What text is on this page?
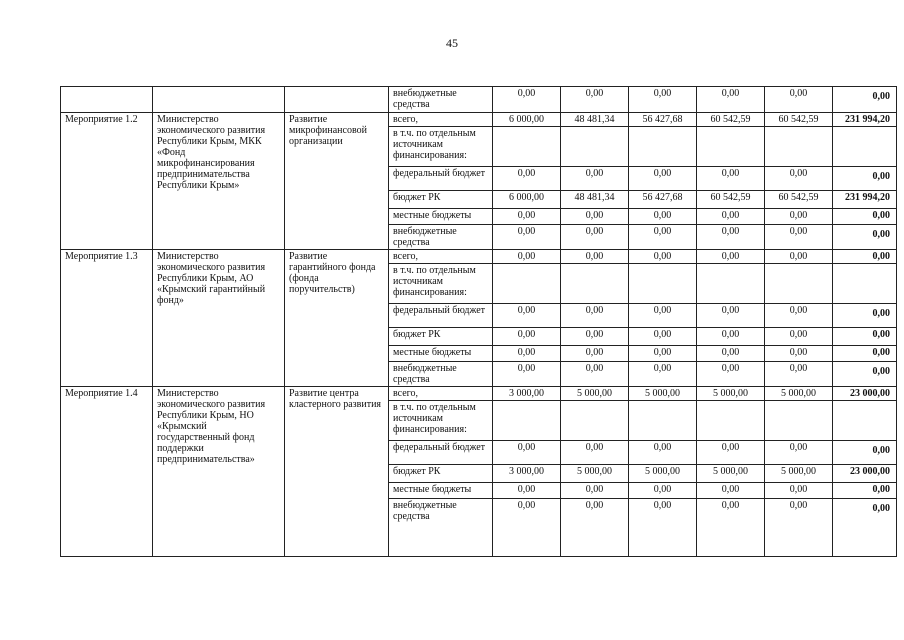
45
			внебюджетные средства	0,00	0,00	0,00	0,00	0,00	0,00
Мероприятие 1.2	Министерство экономического развития Республики Крым, МКК «Фонд микрофинансирования предпринимательства Республики Крым»	Развитие микрофинансовой организации	всего,	6 000,00	48 481,34	56 427,68	60 542,59	60 542,59	231 994,20
			в т.ч. по отдельным источникам финансирования:						
			федеральный бюджет	0,00	0,00	0,00	0,00	0,00	0,00
			бюджет РК	6 000,00	48 481,34	56 427,68	60 542,59	60 542,59	231 994,20
			местные бюджеты	0,00	0,00	0,00	0,00	0,00	0,00
			внебюджетные средства	0,00	0,00	0,00	0,00	0,00	0,00
Мероприятие 1.3	Министерство экономического развития Республики Крым, АО «Крымский гарантийный фонд»	Развитие гарантийного фонда (фонда поручительств)	всего,	0,00	0,00	0,00	0,00	0,00	0,00
			в т.ч. по отдельным источникам финансирования:						
			федеральный бюджет	0,00	0,00	0,00	0,00	0,00	0,00
			бюджет РК	0,00	0,00	0,00	0,00	0,00	0,00
			местные бюджеты	0,00	0,00	0,00	0,00	0,00	0,00
			внебюджетные средства	0,00	0,00	0,00	0,00	0,00	0,00
Мероприятие 1.4	Министерство экономического развития Республики Крым, НО «Крымский государственный фонд поддержки предпринимательства»	Развитие центра кластерного развития	всего,	3 000,00	5 000,00	5 000,00	5 000,00	5 000,00	23 000,00
			в т.ч. по отдельным источникам финансирования:						
			федеральный бюджет	0,00	0,00	0,00	0,00	0,00	0,00
			бюджет РК	3 000,00	5 000,00	5 000,00	5 000,00	5 000,00	23 000,00
			местные бюджеты	0,00	0,00	0,00	0,00	0,00	0,00
			внебюджетные средства	0,00	0,00	0,00	0,00	0,00	0,00
